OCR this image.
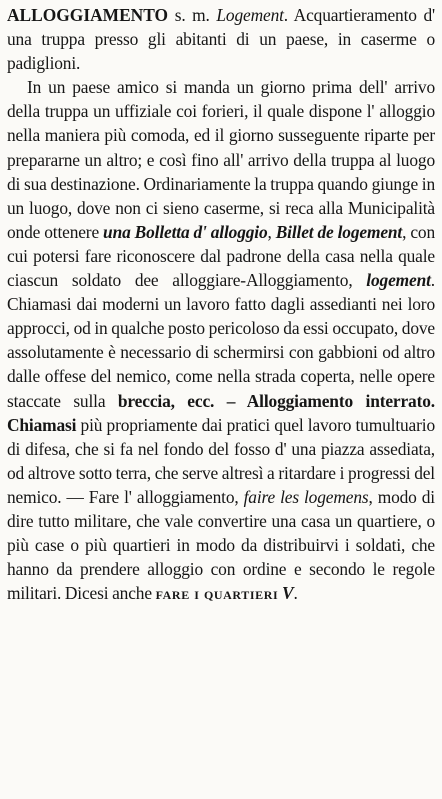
ALLOGGIAMENTO s. m. Logement. Acquartieramento d' una truppa presso gli abitanti di un paese, in caserme o padiglioni.

In un paese amico si manda un giorno prima dell' arrivo della truppa un uffiziale coi forieri, il quale dispone l' alloggio nella maniera più comoda, ed il giorno susseguente riparte per prepararne un altro; e così fino all' arrivo della truppa al luogo di sua destinazione. Ordinariamente la truppa quando giunge in un luogo, dove non ci sieno caserme, si reca alla Municipalità onde ottenere una Bolletta d' alloggio, Billet de logement, con cui potersi fare riconoscere dal padrone della casa nella quale ciascun soldato dee alloggiare-Alloggiamento, logement. Chiamasi dai moderni un lavoro fatto dagli assedianti nei loro approcci, od in qualche posto pericoloso da essi occupato, dove assolutamente è necessario di schermirsi con gabbioni od altro dalle offese del nemico, come nella strada coperta, nelle opere staccate sulla breccia, ecc. – Alloggiamento interrato. Chiamasi più propriamente dai pratici quel lavoro tumultuario di difesa, che si fa nel fondo del fosso d' una piazza assediata, od altrove sotto terra, che serve altresì a ritardare i progressi del nemico. — Fare l' alloggiamento, faire les logemens, modo di dire tutto militare, che vale convertire una casa un quartiere, o più case o più quartieri in modo da distribuirvi i soldati, che hanno da prendere alloggio con ordine e secondo le regole militari. Dicesi anche fare i quartieri V.
